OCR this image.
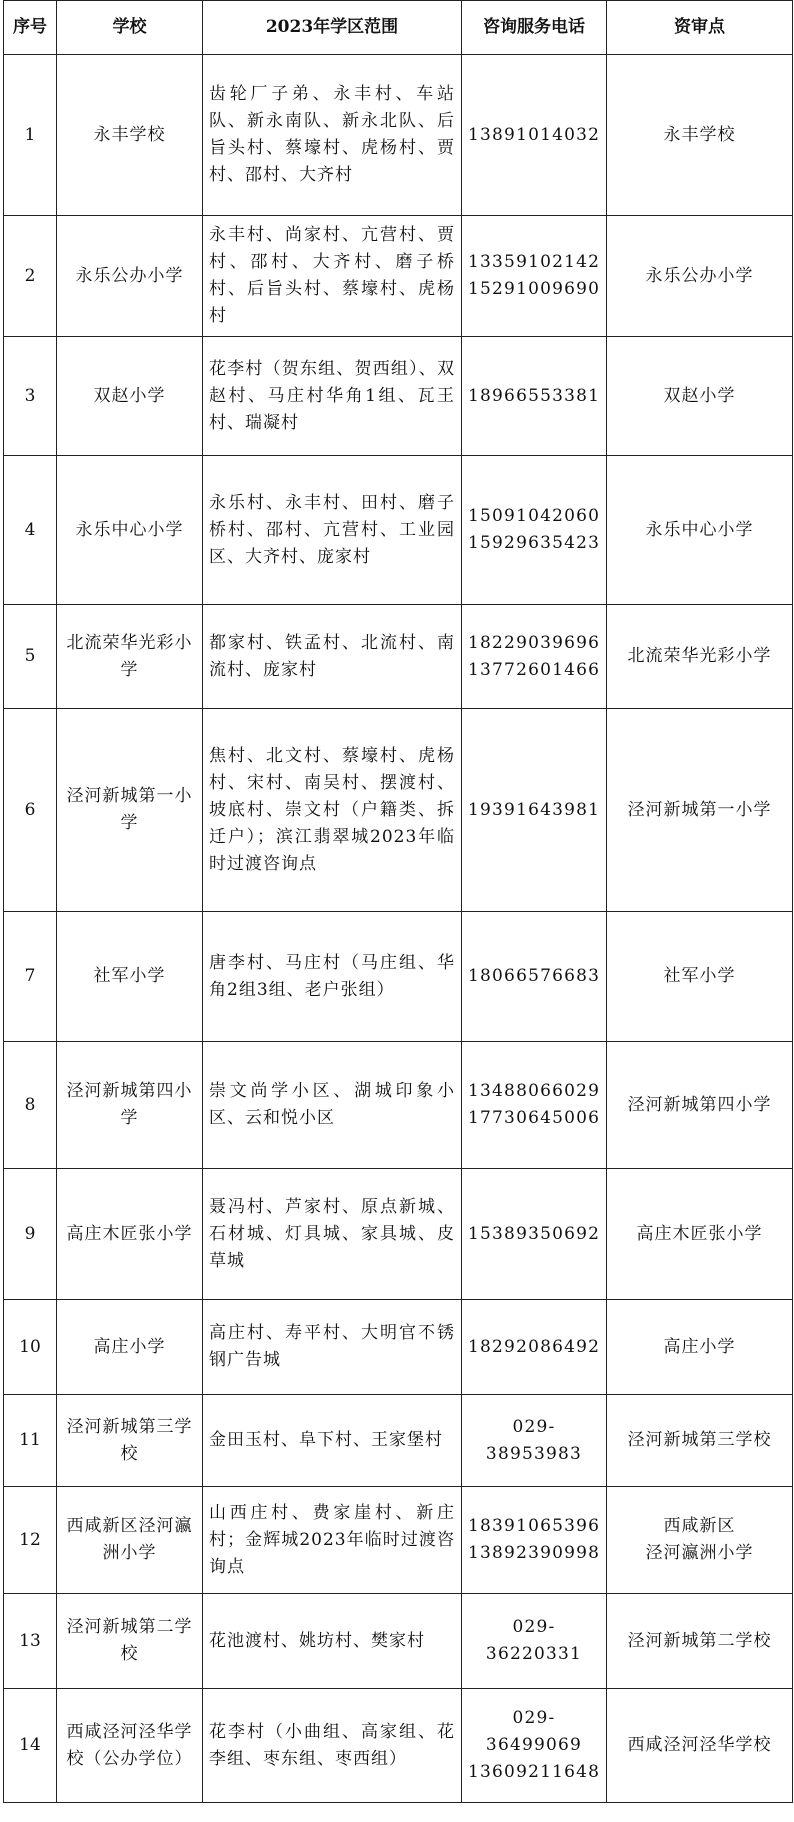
序号	学校	2023年学区范围	咨询服务电话	资审点
1	永丰学校	齿轮厂子弟、永丰村、车站队、新永南队、新永北队、后旨头村、蔡壕村、虎杨村、贾村、邵村、大齐村	13891014032	永丰学校

2	永乐公办小学	永丰村、尚家村、亢营村、贾村、邵村、大齐村、磨子桥村、后旨头村、蔡壕村、虎杨村	13359102142
15291009690	永乐公办小学

3	双赵小学	花李村（贺东组、贺西组）、双赵村、马庄村华角1组、瓦王村、瑞凝村	18966553381	双赵小学

4	永乐中心小学	永乐村、永丰村、田村、磨子桥村、邵村、亢营村、工业园区、大齐村、庞家村	15091042060
15929635423	永乐中心小学

5	北流荣华光彩小学	都家村、铁孟村、北流村、南流村、庞家村	18229039696
13772601466	北流荣华光彩小学

6	泾河新城第一小学	焦村、北文村、蔡壕村、虎杨村、宋村、南吴村、摆渡村、坡底村、崇文村（户籍类、拆迁户）；滨江翡翠城2023年临时过渡咨询点	19391643981	泾河新城第一小学

7	社军小学	唐李村、马庄村（马庄组、华角2组3组、老户张组）	18066576683	社军小学

8	泾河新城第四小学	崇文尚学小区、湖城印象小区、云和悦小区	13488066029
17730645006	泾河新城第四小学

9	高庄木匠张小学	聂冯村、芦家村、原点新城、石材城、灯具城、家具城、皮草城	15389350692	高庄木匠张小学

10	高庄小学	高庄村、寿平村、大明官不锈钢广告城	18292086492	高庄小学

11	泾河新城第三学校	金田玉村、阜下村、王家堡村	029-38953983	泾河新城第三学校

12	西咸新区泾河瀛洲小学	山西庄村、费家崖村、新庄村；金辉城2023年临时过渡咨询点	18391065396
13892390998	西咸新区
泾河瀛洲小学

13	泾河新城第二学校	花池渡村、姚坊村、樊家村	029-36220331	泾河新城第二学校

14	西咸泾河泾华学校（公办学位）	花李村（小曲组、高家组、花李组、枣东组、枣西组）	029-36499069
13609211648	西咸泾河泾华学校
